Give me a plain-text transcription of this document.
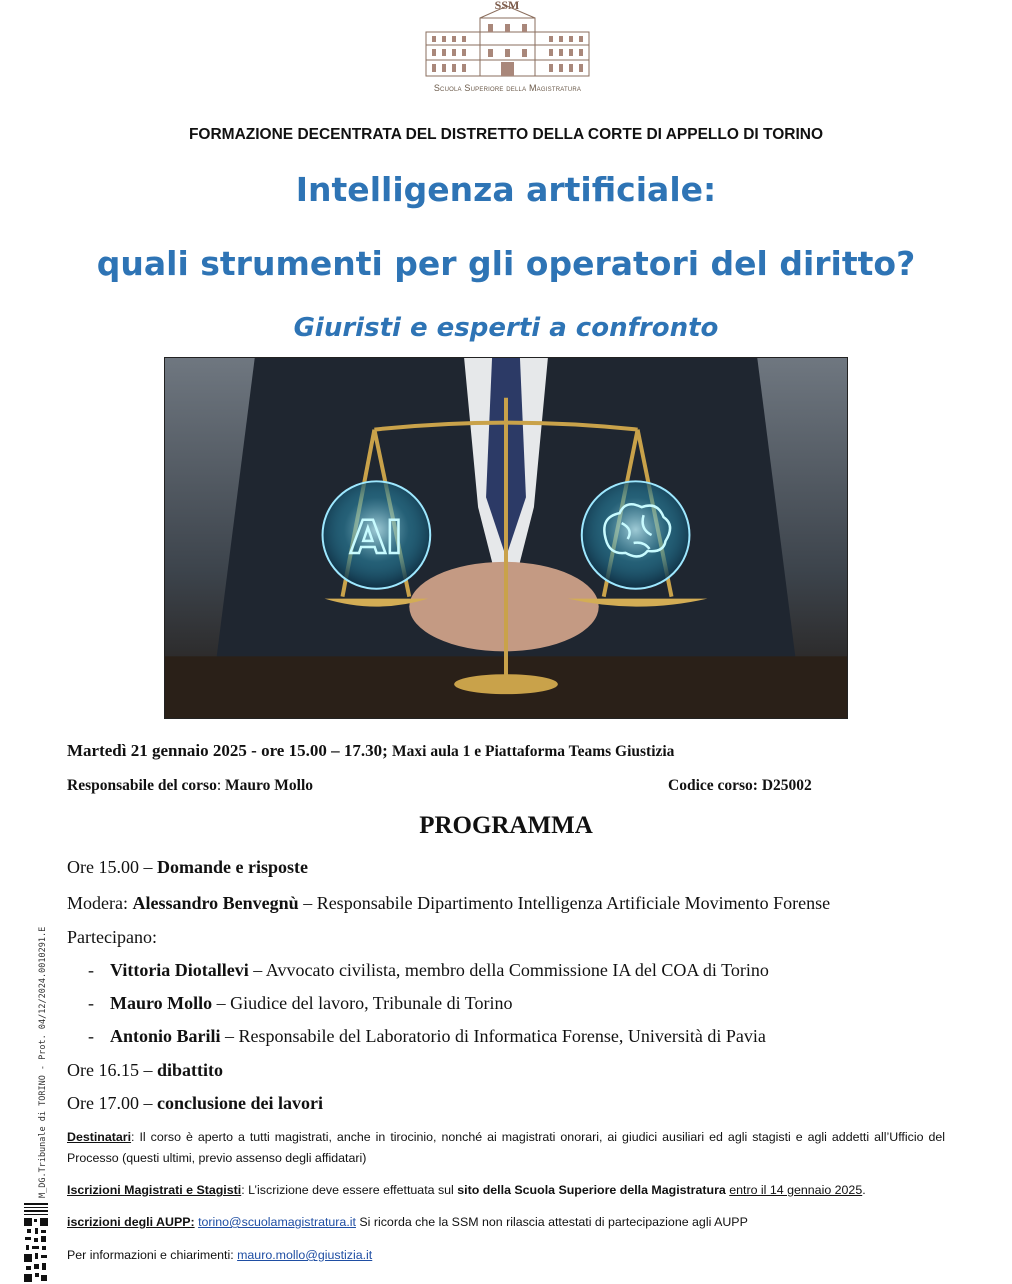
SSM
Scuola Superiore della Magistratura
FORMAZIONE DECENTRATA DEL DISTRETTO DELLA CORTE DI APPELLO DI TORINO
Intelligenza artificiale:
quali strumenti per gli operatori del diritto?
Giuristi e esperti a confronto
AI
Martedì 21 gennaio 2025 - ore 15.00 – 17.30; Maxi aula 1 e Piattaforma Teams Giustizia
Responsabile del corso: Mauro Mollo	Codice corso: D25002
PROGRAMMA
Ore 15.00 – Domande e risposte
Modera: Alessandro Benvegnù – Responsabile Dipartimento Intelligenza Artificiale Movimento Forense
Partecipano:
- Vittoria Diotallevi – Avvocato civilista, membro della Commissione IA del COA di Torino
- Mauro Mollo – Giudice del lavoro, Tribunale di Torino
- Antonio Barili – Responsabile del Laboratorio di Informatica Forense, Università di Pavia
Ore 16.15 – dibattito
Ore 17.00 – conclusione dei lavori
Destinatari: Il corso è aperto a tutti magistrati, anche in tirocinio, nonché ai magistrati onorari, ai giudici ausiliari ed agli stagisti e agli addetti all’Ufficio del Processo (questi ultimi, previo assenso degli affidatari)
Iscrizioni Magistrati e Stagisti: L’iscrizione deve essere effettuata sul sito della Scuola Superiore della Magistratura entro il 14 gennaio 2025.
iscrizioni degli AUPP: torino@scuolamagistratura.it Si ricorda che la SSM non rilascia attestati di partecipazione agli AUPP
Per informazioni e chiarimenti: mauro.mollo@giustizia.it
M_DG.Tribunale di TORINO - Prot. 04/12/2024.0010291.E
